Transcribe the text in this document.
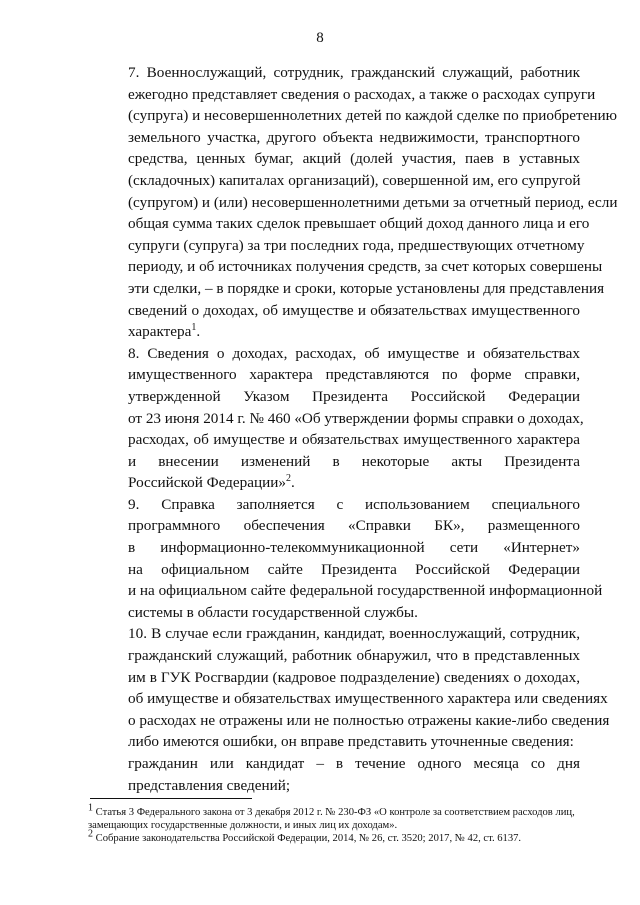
8
7. Военнослужащий, сотрудник, гражданский служащий, работник
ежегодно представляет сведения о расходах, а также о расходах супруги
(супруга) и несовершеннолетних детей по каждой сделке по приобретению
земельного участка, другого объекта недвижимости, транспортного
средства, ценных бумаг, акций (долей участия, паев в уставных
(складочных) капиталах организаций), совершенной им, его супругой
(супругом) и (или) несовершеннолетними детьми за отчетный период, если
общая сумма таких сделок превышает общий доход данного лица и его
супруги (супруга) за три последних года, предшествующих отчетному
периоду, и об источниках получения средств, за счет которых совершены
эти сделки, – в порядке и сроки, которые установлены для представления
сведений о доходах, об имуществе и обязательствах имущественного
характера$^1$.
8. Сведения о доходах, расходах, об имуществе и обязательствах
имущественного характера представляются по форме справки,
утвержденной Указом Президента Российской Федерации
от 23 июня 2014 г. № 460 «Об утверждении формы справки о доходах,
расходах, об имуществе и обязательствах имущественного характера
и внесении изменений в некоторые акты Президента
Российской Федерации»$^2$.
9. Справка заполняется с использованием специального
программного обеспечения «Справки БК», размещенного
в информационно-телекоммуникационной сети «Интернет»
на официальном сайте Президента Российской Федерации
и на официальном сайте федеральной государственной информационной
системы в области государственной службы.
10. В случае если гражданин, кандидат, военнослужащий, сотрудник,
гражданский служащий, работник обнаружил, что в представленных
им в ГУК Росгвардии (кадровое подразделение) сведениях о доходах,
об имуществе и обязательствах имущественного характера или сведениях
о расходах не отражены или не полностью отражены какие-либо сведения
либо имеются ошибки, он вправе представить уточненные сведения:
гражданин или кандидат – в течение одного месяца со дня
представления сведений;

$^1$ Статья 3 Федерального закона от 3 декабря 2012 г. № 230-ФЗ «О контроле за соответствием расходов лиц, замещающих государственные должности, и иных лиц их доходам».

$^2$ Собрание законодательства Российской Федерации, 2014, № 26, ст. 3520; 2017, № 42, ст. 6137.
